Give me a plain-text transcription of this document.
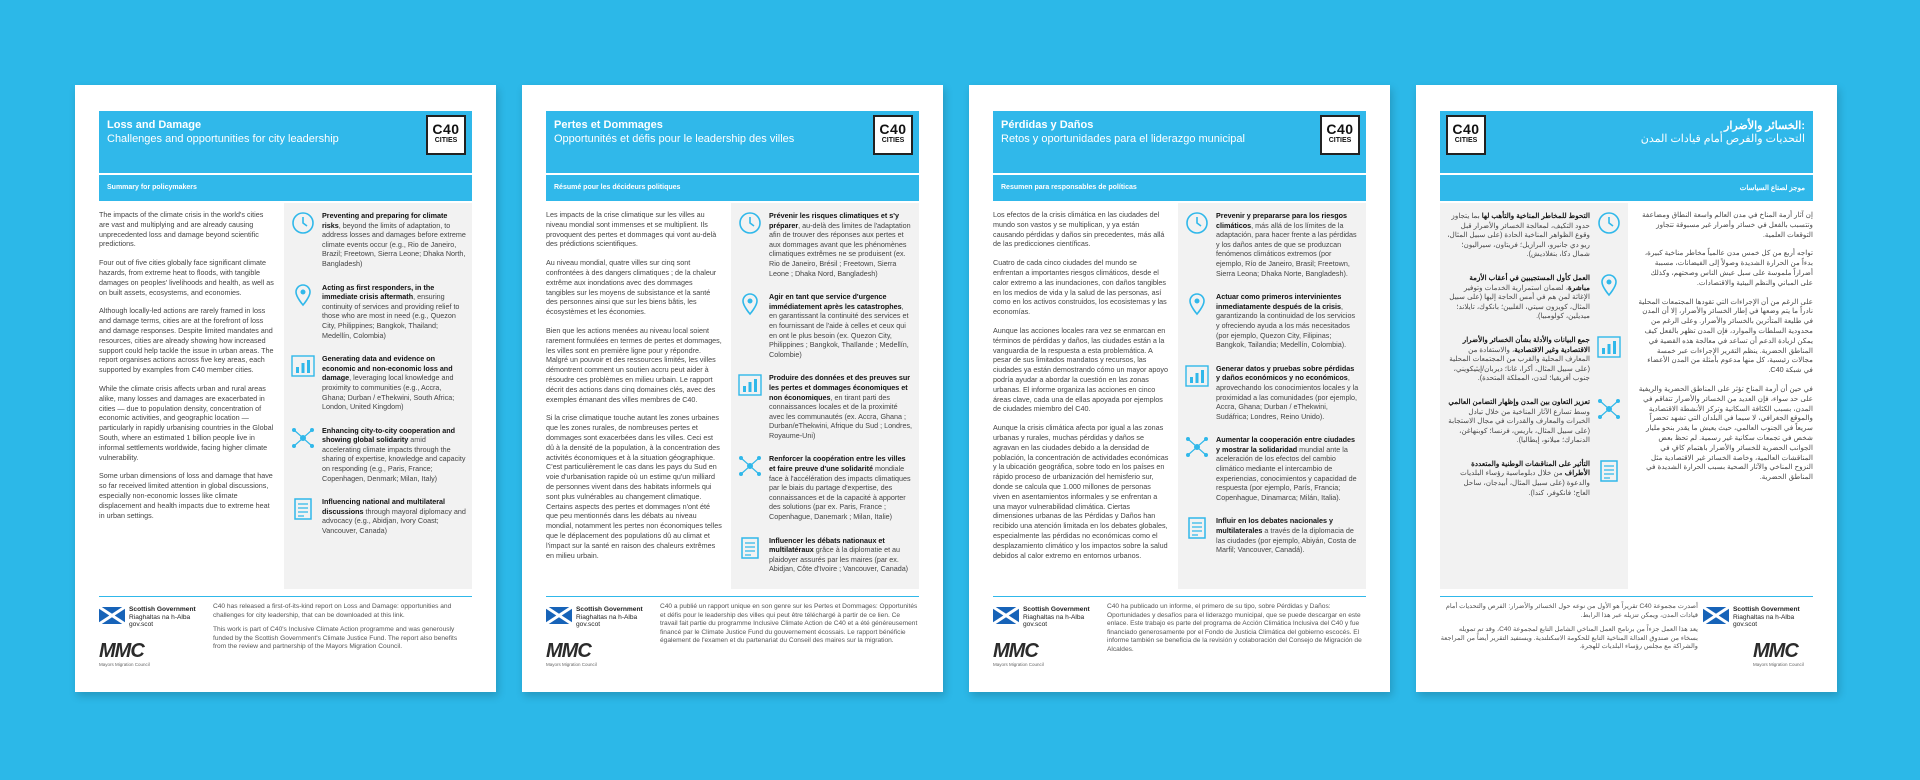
Loss and Damage
Challenges and opportunities for city leadership
C40
CITIES
Summary for policymakers

The impacts of the climate crisis in the world's cities are vast and multiplying and are already causing unprecedented loss and damage beyond scientific predictions.

Four out of five cities globally face significant climate hazards, from extreme heat to floods, with tangible damages on peoples' livelihoods and health, as well as on built assets, ecosystems, and economies.

Although locally-led actions are rarely framed in loss and damage terms, cities are at the forefront of loss and damage responses. Despite limited mandates and resources, cities are already showing how increased support could help tackle the issue in urban areas. The report organises actions across five key areas, each supported by examples from C40 member cities.

While the climate crisis affects urban and rural areas alike, many losses and damages are exacerbated in cities — due to population density, concentration of economic activities, and geographic location — particularly in rapidly urbanising countries in the Global South, where an estimated 1 billion people live in informal settlements worldwide, facing higher climate vulnerability.

Some urban dimensions of loss and damage that have so far received limited attention in global discussions, especially non-economic losses like climate displacement and health impacts due to extreme heat in urban settings.

Preventing and preparing for climate risks, beyond the limits of adaptation, to address losses and damages before extreme climate events occur (e.g., Rio de Janeiro, Brazil; Freetown, Sierra Leone; Dhaka North, Bangladesh)
Acting as first responders, in the immediate crisis aftermath, ensuring continuity of services and providing relief to those who are most in need (e.g., Quezon City, Philippines; Bangkok, Thailand; Medellín, Colombia)
Generating data and evidence on economic and non-economic loss and damage, leveraging local knowledge and proximity to communities (e.g., Accra, Ghana; Durban / eThekwini, South Africa; London, United Kingdom)
Enhancing city-to-city cooperation and showing global solidarity amid accelerating climate impacts through the sharing of expertise, knowledge and capacity on responding (e.g., Paris, France; Copenhagen, Denmark; Milan, Italy)
Influencing national and multilateral discussions through mayoral diplomacy and advocacy (e.g., Abidjan, Ivory Coast; Vancouver, Canada)
Scottish Government
Riaghaltas na h-Alba
gov.scot
MMC
Mayors Migration Council

C40 has released a first-of-its-kind report on Loss and Damage: opportunities and challenges for city leadership, that can be downloaded at this link.

This work is part of C40's Inclusive Climate Action programme and was generously funded by the Scottish Government's Climate Justice Fund. The report also benefits from the review and partnership of the Mayors Migration Council.

Pertes et Dommages
Opportunités et défis pour le leadership des villes
C40
CITIES
Résumé pour les décideurs politiques

Les impacts de la crise climatique sur les villes au niveau mondial sont immenses et se multiplient. Ils provoquent des pertes et dommages qui vont au-delà des prédictions scientifiques.

Au niveau mondial, quatre villes sur cinq sont confrontées à des dangers climatiques ; de la chaleur extrême aux inondations avec des dommages tangibles sur les moyens de subsistance et la santé des personnes ainsi que sur les biens bâtis, les écosystèmes et les économies.

Bien que les actions menées au niveau local soient rarement formulées en termes de pertes et dommages, les villes sont en première ligne pour y répondre. Malgré un pouvoir et des ressources limités, les villes démontrent comment un soutien accru peut aider à résoudre ces problèmes en milieu urbain. Le rapport décrit des actions dans cinq domaines clés, avec des exemples émanant des villes membres de C40.

Si la crise climatique touche autant les zones urbaines que les zones rurales, de nombreuses pertes et dommages sont exacerbées dans les villes. Ceci est dû à la densité de la population, à la concentration des activités économiques et à la situation géographique. C'est particulièrement le cas dans les pays du Sud en voie d'urbanisation rapide où un estime qu'un milliard de personnes vivent dans des habitats informels qui sont plus vulnérables au changement climatique. Certains aspects des pertes et dommages n'ont été que peu mentionnés dans les débats au niveau mondial, notamment les pertes non économiques telles que le déplacement des populations dû au climat et l'impact sur la santé en raison des chaleurs extrêmes en milieu urbain.

Prévenir les risques climatiques et s'y préparer, au-delà des limites de l'adaptation afin de trouver des réponses aux pertes et aux dommages avant que les phénomènes climatiques extrêmes ne se produisent (ex. Rio de Janeiro, Brésil ; Freetown, Sierra Leone ; Dhaka Nord, Bangladesh)
Agir en tant que service d'urgence immédiatement après les catastrophes, en garantissant la continuité des services et en fournissant de l'aide à celles et ceux qui en ont le plus besoin (ex. Quezon City, Philippines ; Bangkok, Thaïlande ; Medellín, Colombie)
Produire des données et des preuves sur les pertes et dommages économiques et non économiques, en tirant parti des connaissances locales et de la proximité avec les communautés (ex. Accra, Ghana ; Durban/eThekwini, Afrique du Sud ; Londres, Royaume-Uni)
Renforcer la coopération entre les villes et faire preuve d'une solidarité mondiale face à l'accélération des impacts climatiques par le biais du partage d'expertise, des connaissances et de la capacité à apporter des solutions (par ex. Paris, France ; Copenhague, Danemark ; Milan, Italie)
Influencer les débats nationaux et multilatéraux grâce à la diplomatie et au plaidoyer assurés par les maires (par ex. Abidjan, Côte d'Ivoire ; Vancouver, Canada)
Scottish Government
Riaghaltas na h-Alba
gov.scot
MMC
Mayors Migration Council

C40 a publié un rapport unique en son genre sur les Pertes et Dommages: Opportunités et défis pour le leadership des villes qui peut être téléchargé à partir de ce lien. Ce travail fait partie du programme Inclusive Climate Action de C40 et a été généreusement financé par le Climate Justice Fund du gouvernement écossais. Le rapport bénéficie également de l'examen et du partenariat du Conseil des maires sur la migration.

Pérdidas y Daños
Retos y oportunidades para el liderazgo municipal
C40
CITIES
Resumen para responsables de políticas

Los efectos de la crisis climática en las ciudades del mundo son vastos y se multiplican, y ya están causando pérdidas y daños sin precedentes, más allá de las predicciones científicas.

Cuatro de cada cinco ciudades del mundo se enfrentan a importantes riesgos climáticos, desde el calor extremo a las inundaciones, con daños tangibles en los medios de vida y la salud de las personas, así como en los activos construidos, los ecosistemas y las economías.

Aunque las acciones locales rara vez se enmarcan en términos de pérdidas y daños, las ciudades están a la vanguardia de la respuesta a esta problemática. A pesar de sus limitados mandatos y recursos, las ciudades ya están demostrando cómo un mayor apoyo podría ayudar a abordar la cuestión en las zonas urbanas. El informe organiza las acciones en cinco áreas clave, cada una de ellas apoyada por ejemplos de ciudades miembro del C40.

Aunque la crisis climática afecta por igual a las zonas urbanas y rurales, muchas pérdidas y daños se agravan en las ciudades debido a la densidad de población, la concentración de actividades económicas y la ubicación geográfica, sobre todo en los países en rápido proceso de urbanización del hemisferio sur, donde se calcula que 1.000 millones de personas viven en asentamientos informales y se enfrentan a una mayor vulnerabilidad climática. Ciertas dimensiones urbanas de las Pérdidas y Daños han recibido una atención limitada en los debates globales, especialmente las pérdidas no económicas como el desplazamiento climático y los impactos sobre la salud debidos al calor extremo en entornos urbanos.

Prevenir y prepararse para los riesgos climáticos, más allá de los límites de la adaptación, para hacer frente a las pérdidas y los daños antes de que se produzcan fenómenos climáticos extremos (por ejemplo, Río de Janeiro, Brasil; Freetown, Sierra Leona; Dhaka Norte, Bangladesh).
Actuar como primeros intervinientes inmediatamente después de la crisis, garantizando la continuidad de los servicios y ofreciendo ayuda a los más necesitados (por ejemplo, Quezon City, Filipinas; Bangkok, Tailandia; Medellín, Colombia).
Generar datos y pruebas sobre pérdidas y daños económicos y no económicos, aprovechando los conocimientos locales y la proximidad a las comunidades (por ejemplo, Accra, Ghana; Durban / eThekwini, Sudáfrica; Londres, Reino Unido).
Aumentar la cooperación entre ciudades y mostrar la solidaridad mundial ante la aceleración de los efectos del cambio climático mediante el intercambio de experiencias, conocimientos y capacidad de respuesta (por ejemplo, París, Francia; Copenhague, Dinamarca; Milán, Italia).
Influir en los debates nacionales y multilaterales a través de la diplomacia de las ciudades (por ejemplo, Abiyán, Costa de Marfil; Vancouver, Canadá).
Scottish Government
Riaghaltas na h-Alba
gov.scot
MMC
Mayors Migration Council

C40 ha publicado un informe, el primero de su tipo, sobre Pérdidas y Daños: Oportunidades y desafíos para el liderazgo municipal, que se puede descargar en este enlace. Este trabajo es parte del programa de Acción Climática Inclusiva del C40 y fue financiado generosamente por el Fondo de Justicia Climática del gobierno escocés. El informe también se beneficia de la revisión y colaboración del Consejo de Migración de Alcaldes.

الخسائر والأضرار:
التحديات والفرص أمام قيادات المدن
C40
CITIES
موجز لصناع السياسات

إن آثار أزمة المناخ في مدن العالم واسعة النطاق ومضاعفة وتتسبب بالفعل في خسائر وأضرار غير مسبوقة تتجاوز التوقعات العلمية.

تواجه أربع من كل خمس مدن عالمياً مخاطر مناخية كبيرة، بدءاً من الحرارة الشديدة وصولاً إلى الفيضانات، مسببة أضراراً ملموسة على سبل عيش الناس وصحتهم، وكذلك على المباني والنظم البيئية والاقتصادات.

على الرغم من أن الإجراءات التي تقودها المجتمعات المحلية نادراً ما يتم وضعها في إطار الخسائر والأضرار، إلا أن المدن في طليعة المتأثرين بالخسائر والأضرار. وعلى الرغم من محدودية السلطات والموارد، فإن المدن تظهر بالفعل كيف يمكن لزيادة الدعم أن تساعد في معالجة هذه القضية في المناطق الحضرية. ينظم التقرير الإجراءات عبر خمسة مجالات رئيسية، كل منها مدعوم بأمثلة من المدن الأعضاء في شبكة C40.

في حين أن أزمة المناخ تؤثر على المناطق الحضرية والريفية على حد سواء، فإن العديد من الخسائر والأضرار تتفاقم في المدن، بسبب الكثافة السكانية وتركز الأنشطة الاقتصادية والموقع الجغرافي، لا سيما في البلدان التي تشهد تحضراً سريعاً في الجنوب العالمي، حيث يعيش ما يقدر بنحو مليار شخص في تجمعات سكانية غير رسمية. لم تحظ بعض الجوانب الحضرية للخسائر والأضرار باهتمام كافٍ في المناقشات العالمية، وخاصة الخسائر غير الاقتصادية مثل النزوح المناخي والآثار الصحية بسبب الحرارة الشديدة في المناطق الحضرية.

التحوط للمخاطر المناخية والتأهب لها بما يتجاوز حدود التكيف، لمعالجة الخسائر والأضرار قبل وقوع الظواهر المناخية الحادة (على سبيل المثال، ريو دي جانيرو، البرازيل؛ فريتاون، سيراليون؛ شمال دكا، بنغلاديش).
العمل كأول المستجيبين في أعقاب الأزمة مباشرة، لضمان استمرارية الخدمات وتوفير الإغاثة لمن هم في أمس الحاجة إليها (على سبيل المثال، كويزون سيتي، الفلبين؛ بانكوك، تايلاند؛ ميديلين، كولومبيا).
جمع البيانات والأدلة بشأن الخسائر والأضرار الاقتصادية وغير الاقتصادية، والاستفادة من المعارف المحلية والقرب من المجتمعات المحلية (على سبيل المثال، أكرا، غانا؛ ديربان/إيثيكويني، جنوب أفريقيا؛ لندن، المملكة المتحدة).
تعزيز التعاون بين المدن وإظهار التضامن العالمي وسط تسارع الآثار المناخية من خلال تبادل الخبرات والمعارف والقدرات في مجال الاستجابة (على سبيل المثال، باريس، فرنسا؛ كوبنهاغن، الدنمارك؛ ميلانو، إيطاليا).
التأثير على المناقشات الوطنية والمتعددة الأطراف من خلال دبلوماسية رؤساء البلديات والدعوة (على سبيل المثال، أبيدجان، ساحل العاج؛ فانكوفر، كندا).
Scottish Government
Riaghaltas na h-Alba
gov.scot
MMC
Mayors Migration Council

أصدرت مجموعة C40 تقريراً هو الأول من نوعه حول الخسائر والأضرار: الفرص والتحديات أمام قيادات المدن، ويمكن تنزيله عبر هذا الرابط.

يعد هذا العمل جزءاً من برنامج العمل المناخي الشامل التابع لمجموعة C40، وقد تم تمويله بسخاء من صندوق العدالة المناخية التابع للحكومة الاسكتلندية. ويستفيد التقرير أيضاً من المراجعة والشراكة مع مجلس رؤساء البلديات للهجرة.
